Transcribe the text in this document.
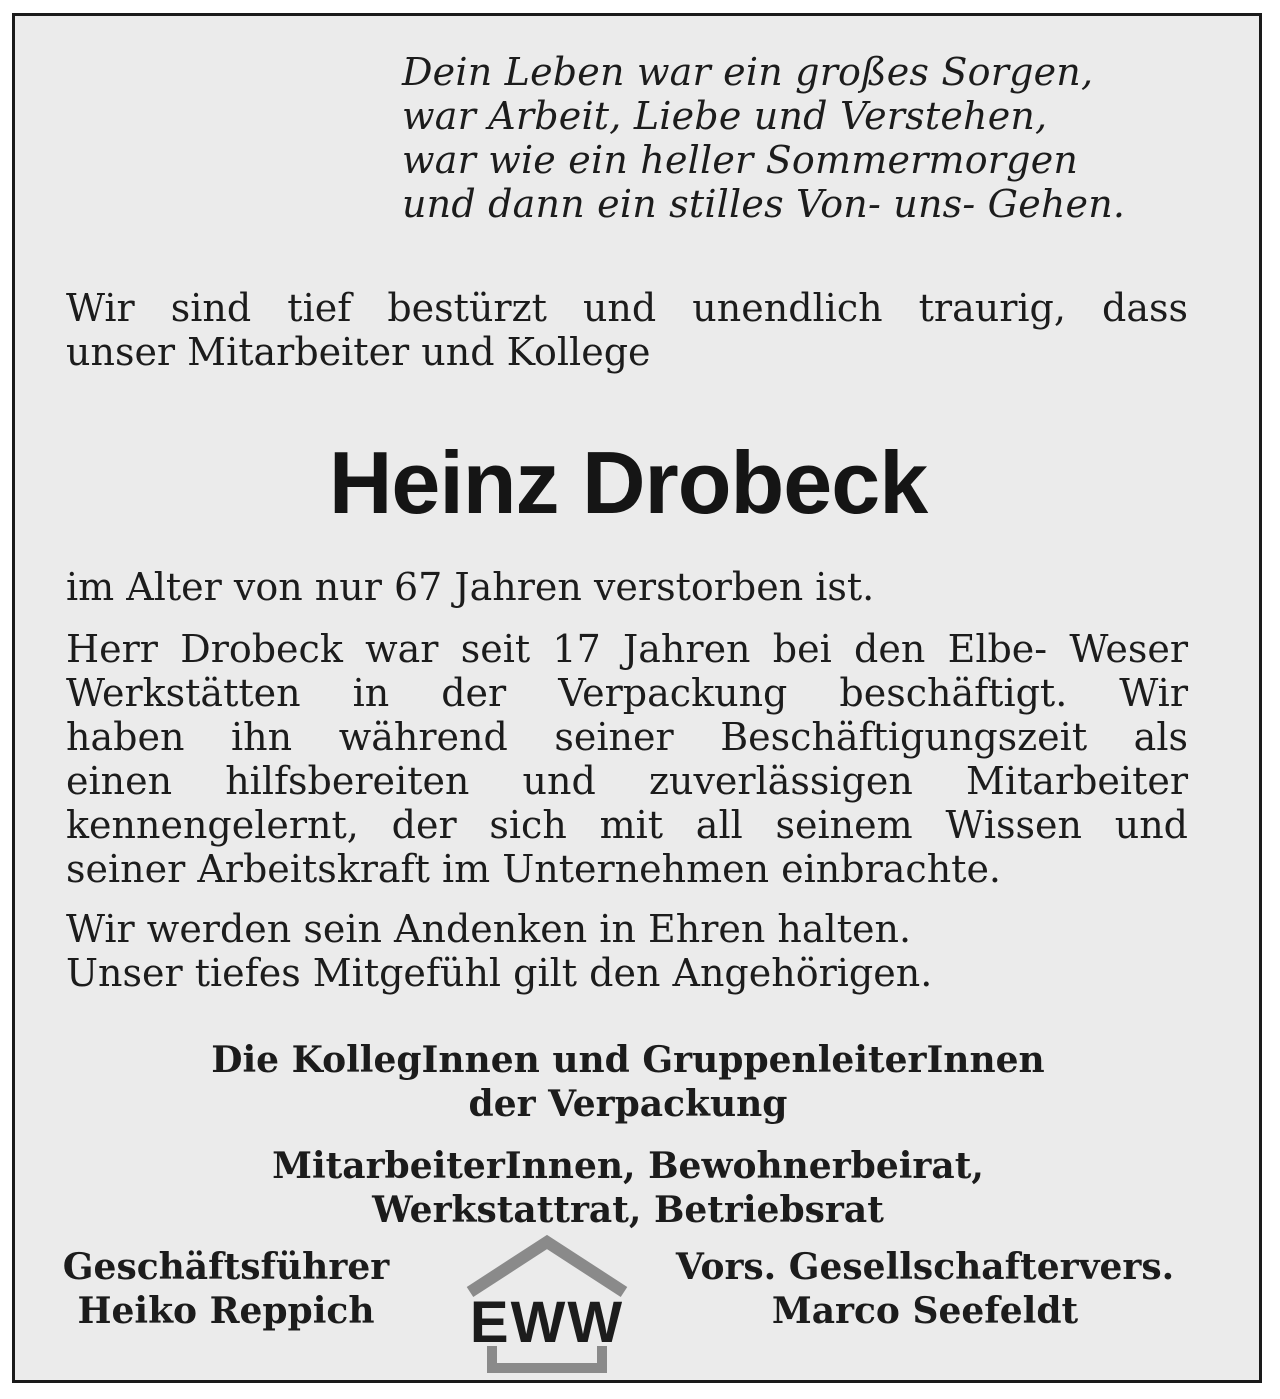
Dein Leben war ein großes Sorgen,
war Arbeit, Liebe und Verstehen,
war wie ein heller Sommermorgen
und dann ein stilles Von- uns- Gehen.
Wir sind tief bestürzt und unendlich traurig, dass
unser Mitarbeiter und Kollege
Heinz Drobeck
im Alter von nur 67 Jahren verstorben ist.
Herr Drobeck war seit 17 Jahren bei den Elbe- Weser
Werkstätten in der Verpackung beschäftigt. Wir
haben ihn während seiner Beschäftigungszeit als
einen hilfsbereiten und zuverlässigen Mitarbeiter
kennengelernt, der sich mit all seinem Wissen und
seiner Arbeitskraft im Unternehmen einbrachte.
Wir werden sein Andenken in Ehren halten.
Unser tiefes Mitgefühl gilt den Angehörigen.
Die KollegInnen und GruppenleiterInnen
der Verpackung
MitarbeiterInnen, Bewohnerbeirat,
Werkstattrat, Betriebsrat
Geschäftsführer
Heiko Reppich	EWW
Vors. Gesellschaftervers.
Marco Seefeldt
